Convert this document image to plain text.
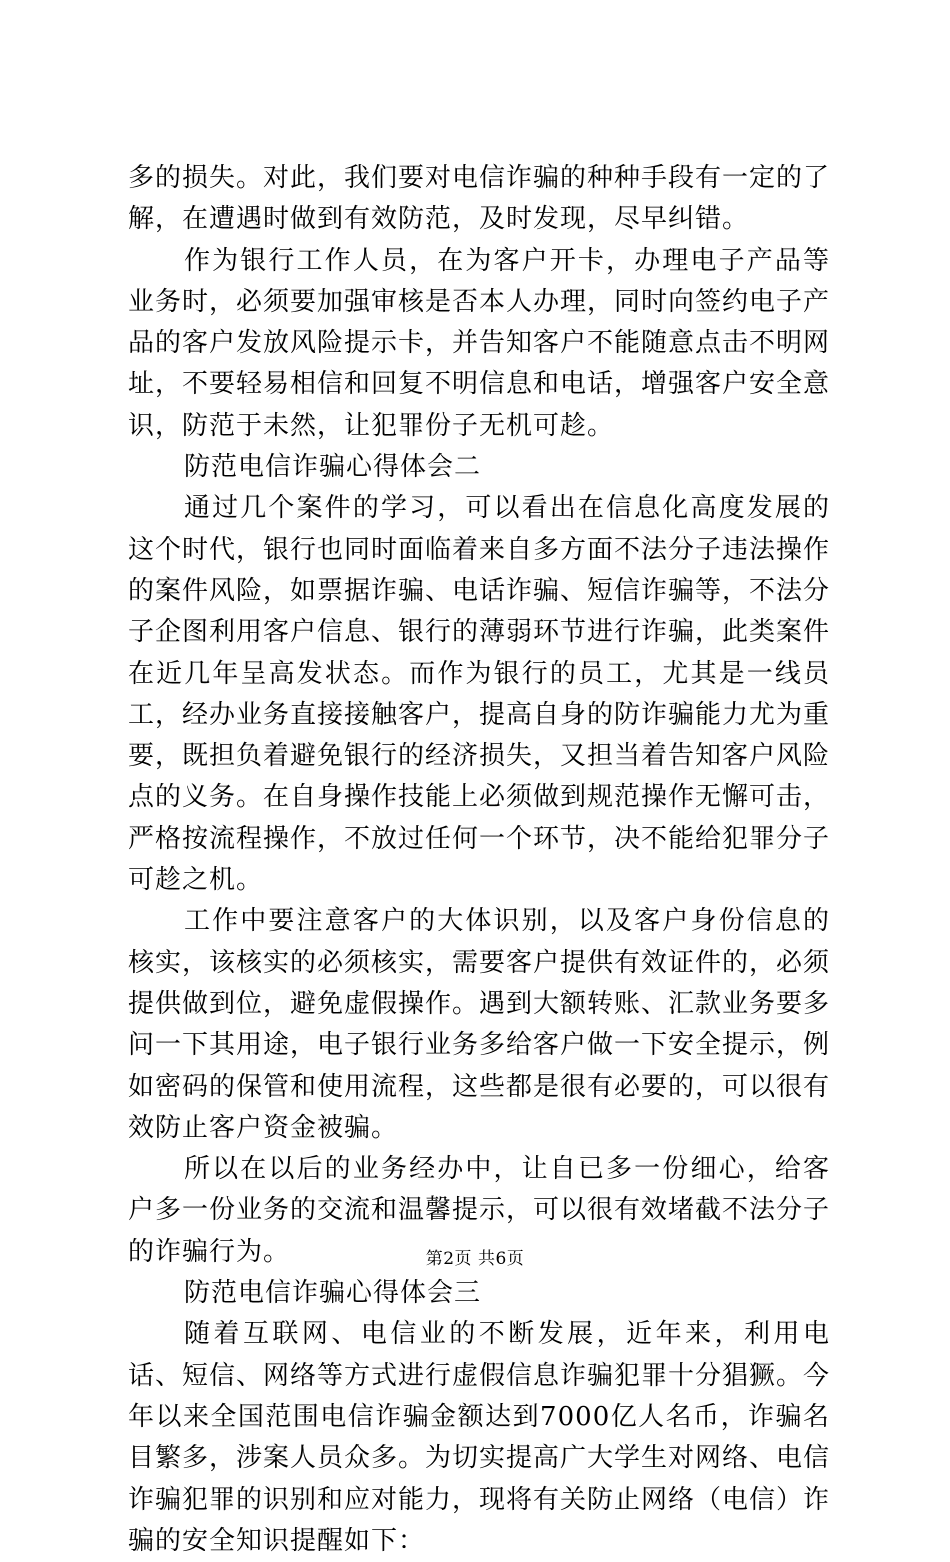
多的损失。对此，我们要对电信诈骗的种种手段有一定的了解，在遭遇时做到有效防范，及时发现，尽早纠错。

作为银行工作人员，在为客户开卡，办理电子产品等业务时，必须要加强审核是否本人办理，同时向签约电子产品的客户发放风险提示卡，并告知客户不能随意点击不明网址，不要轻易相信和回复不明信息和电话，增强客户安全意识，防范于未然，让犯罪份子无机可趁。

防范电信诈骗心得体会二

通过几个案件的学习，可以看出在信息化高度发展的这个时代，银行也同时面临着来自多方面不法分子违法操作的案件风险，如票据诈骗、电话诈骗、短信诈骗等，不法分子企图利用客户信息、银行的薄弱环节进行诈骗，此类案件在近几年呈高发状态。而作为银行的员工，尤其是一线员工，经办业务直接接触客户，提高自身的防诈骗能力尤为重要，既担负着避免银行的经济损失，又担当着告知客户风险点的义务。在自身操作技能上必须做到规范操作无懈可击，严格按流程操作，不放过任何一个环节，决不能给犯罪分子可趁之机。

工作中要注意客户的大体识别，以及客户身份信息的核实，该核实的必须核实，需要客户提供有效证件的，必须提供做到位，避免虚假操作。遇到大额转账、汇款业务要多问一下其用途，电子银行业务多给客户做一下安全提示，例如密码的保管和使用流程，这些都是很有必要的，可以很有效防止客户资金被骗。

所以在以后的业务经办中，让自已多一份细心，给客户多一份业务的交流和温馨提示，可以很有效堵截不法分子的诈骗行为。

防范电信诈骗心得体会三

随着互联网、电信业的不断发展，近年来，利用电话、短信、网络等方式进行虚假信息诈骗犯罪十分猖獗。今年以来全国范围电信诈骗金额达到7000亿人名币，诈骗名目繁多，涉案人员众多。为切实提高广大学生对网络、电信诈骗犯罪的识别和应对能力，现将有关防止网络（电信）诈骗的安全知识提醒如下：

第2页 共6页
